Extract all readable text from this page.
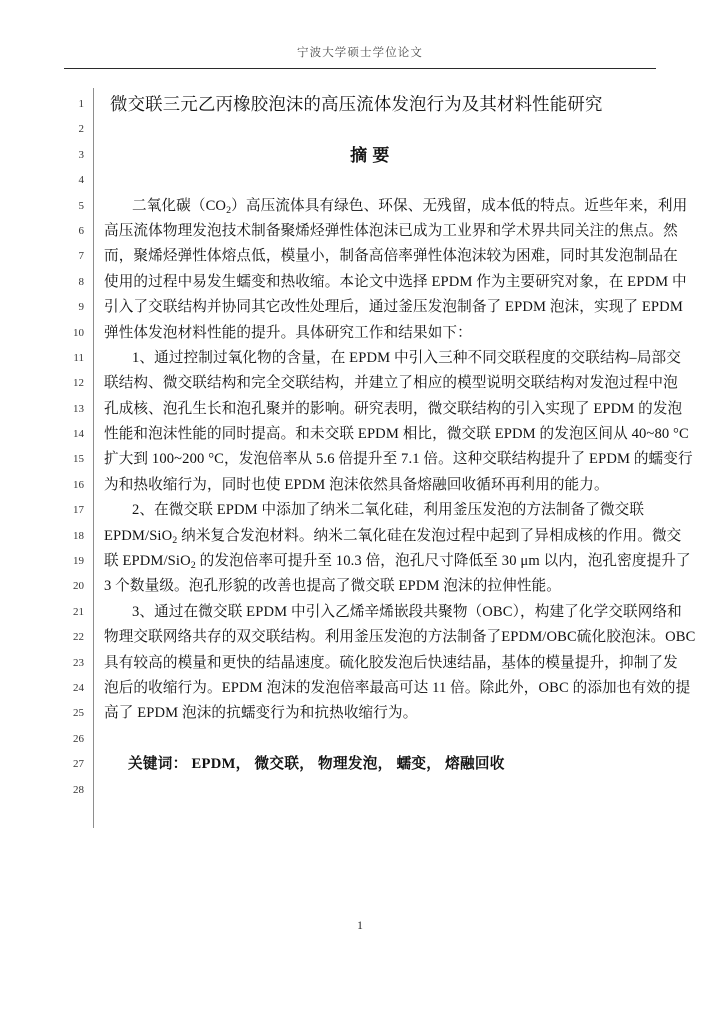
宁波大学硕士学位论文
1
2
3
4
5
6
7
8
9
10
11
12
13
14
15
16
17
18
19
20
21
22
23
24
25
26
27
28
微交联三元乙丙橡胶泡沫的高压流体发泡行为及其材料性能研究
摘 要
二氧化碳$(CO_2)$高压流体具有绿色、环保、无残留，成本低的特点。近些年来，利用
高压流体物理发泡技术制备聚烯烃弹性体泡沫已成为工业界和学术界共同关注的焦点。然
而，聚烯烃弹性体熔点低，模量小，制备高倍率弹性体泡沫较为困难，同时其发泡制品在
使用的过程中易发生蠕变和热收缩。本论文中选择 EPDM 作为主要研究对象，在 EPDM 中
引入了交联结构并协同其它改性处理后，通过釜压发泡制备了 EPDM 泡沫，实现了 EPDM
弹性体发泡材料性能的提升。具体研究工作和结果如下：
1、通过控制过氧化物的含量，在 EPDM 中引入三种不同交联程度的交联结构–局部交
联结构、微交联结构和完全交联结构，并建立了相应的模型说明交联结构对发泡过程中泡
孔成核、泡孔生长和泡孔聚并的影响。研究表明，微交联结构的引入实现了 EPDM 的发泡
性能和泡沫性能的同时提高。和未交联 EPDM 相比，微交联 EPDM 的发泡区间从 40~80 °C
扩大到 100~200 °C，发泡倍率从 5.6 倍提升至 7.1 倍。这种交联结构提升了 EPDM 的蠕变行
为和热收缩行为，同时也使 EPDM 泡沫依然具备熔融回收循环再利用的能力。
2、在微交联 EPDM 中添加了纳米二氧化硅，利用釜压发泡的方法制备了微交联
EPDM/SiO$_2$ 纳米复合发泡材料。纳米二氧化硅在发泡过程中起到了异相成核的作用。微交
联 EPDM/SiO$_2$ 的发泡倍率可提升至 10.3 倍，泡孔尺寸降低至 30 μm 以内，泡孔密度提升了
3 个数量级。泡孔形貌的改善也提高了微交联 EPDM 泡沫的拉伸性能。
3、通过在微交联 EPDM 中引入乙烯辛烯嵌段共聚物（OBC），构建了化学交联网络和
物理交联网络共存的双交联结构。利用釜压发泡的方法制备了EPDM/OBC硫化胶泡沫。OBC
具有较高的模量和更快的结晶速度。硫化胶发泡后快速结晶，基体的模量提升，抑制了发
泡后的收缩行为。EPDM 泡沫的发泡倍率最高可达 11 倍。除此外，OBC 的添加也有效的提
高了 EPDM 泡沫的抗蠕变行为和抗热收缩行为。
关键词： EPDM， 微交联， 物理发泡， 蠕变， 熔融回收
1
